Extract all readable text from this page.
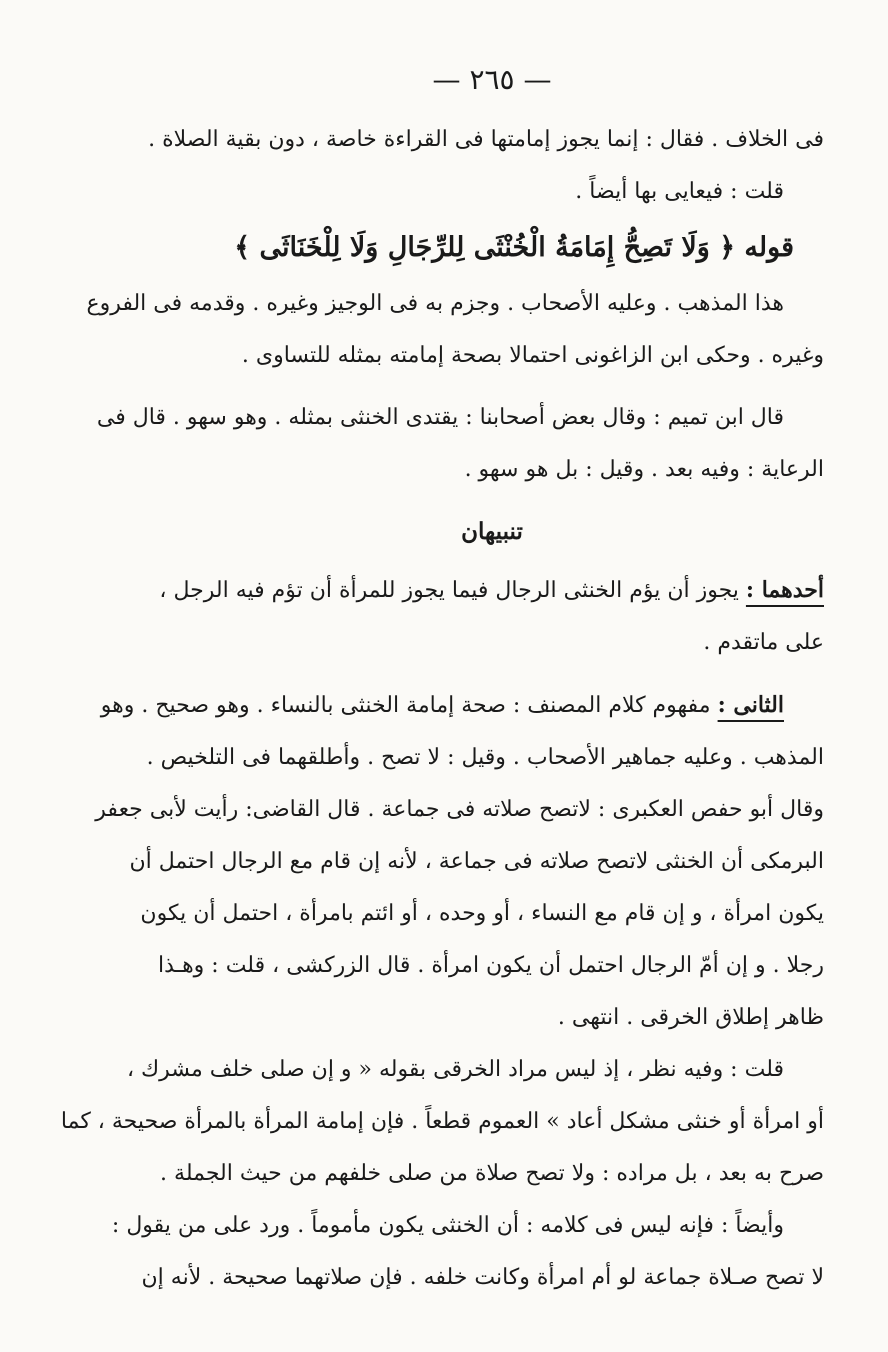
— ٢٦٥ —
فى الخلاف . فقال : إنما يجوز إمامتها فى القراءة خاصة ، دون بقية الصلاة .
قلت : فيعايى بها أيضاً .
قوله ﴿ وَلَا تَصِحُّ إِمَامَةُ الْخُنْثَى لِلرِّجَالِ وَلَا لِلْخَنَاثَى ﴾
هذا المذهب . وعليه الأصحاب . وجزم به فى الوجيز وغيره . وقدمه فى الفروع
وغيره . وحكى ابن الزاغونى احتمالا بصحة إمامته بمثله للتساوى .
قال ابن تميم : وقال بعض أصحابنا : يقتدى الخنثى بمثله . وهو سهو . قال فى
الرعاية : وفيه بعد . وقيل : بل هو سهو .
تنبيهان
أحدهما : يجوز أن يؤم الخنثى الرجال فيما يجوز للمرأة أن تؤم فيه الرجل ،
على ماتقدم .
الثانى : مفهوم كلام المصنف : صحة إمامة الخنثى بالنساء . وهو صحيح . وهو
المذهب . وعليه جماهير الأصحاب . وقيل : لا تصح . وأطلقهما فى التلخيص .
وقال أبو حفص العكبرى : لاتصح صلاته فى جماعة . قال القاضى: رأيت لأبى جعفر
البرمكى أن الخنثى لاتصح صلاته فى جماعة ، لأنه إن قام مع الرجال احتمل أن
يكون امرأة ، و إن قام مع النساء ، أو وحده ، أو ائتم بامرأة ، احتمل أن يكون
رجلا . و إن أمّ الرجال احتمل أن يكون امرأة . قال الزركشى ، قلت : وهـذا
ظاهر إطلاق الخرقى . انتهى .
قلت : وفيه نظر ، إذ ليس مراد الخرقى بقوله « و إن صلى خلف مشرك ،
أو امرأة أو خنثى مشكل أعاد » العموم قطعاً . فإن إمامة المرأة بالمرأة صحيحة ، كما
صرح به بعد ، بل مراده : ولا تصح صلاة من صلى خلفهم من حيث الجملة .
وأيضاً : فإنه ليس فى كلامه : أن الخنثى يكون مأموماً . ورد على من يقول :
لا تصح صـلاة جماعة لو أم امرأة وكانت خلفه . فإن صلاتهما صحيحة . لأنه إن
